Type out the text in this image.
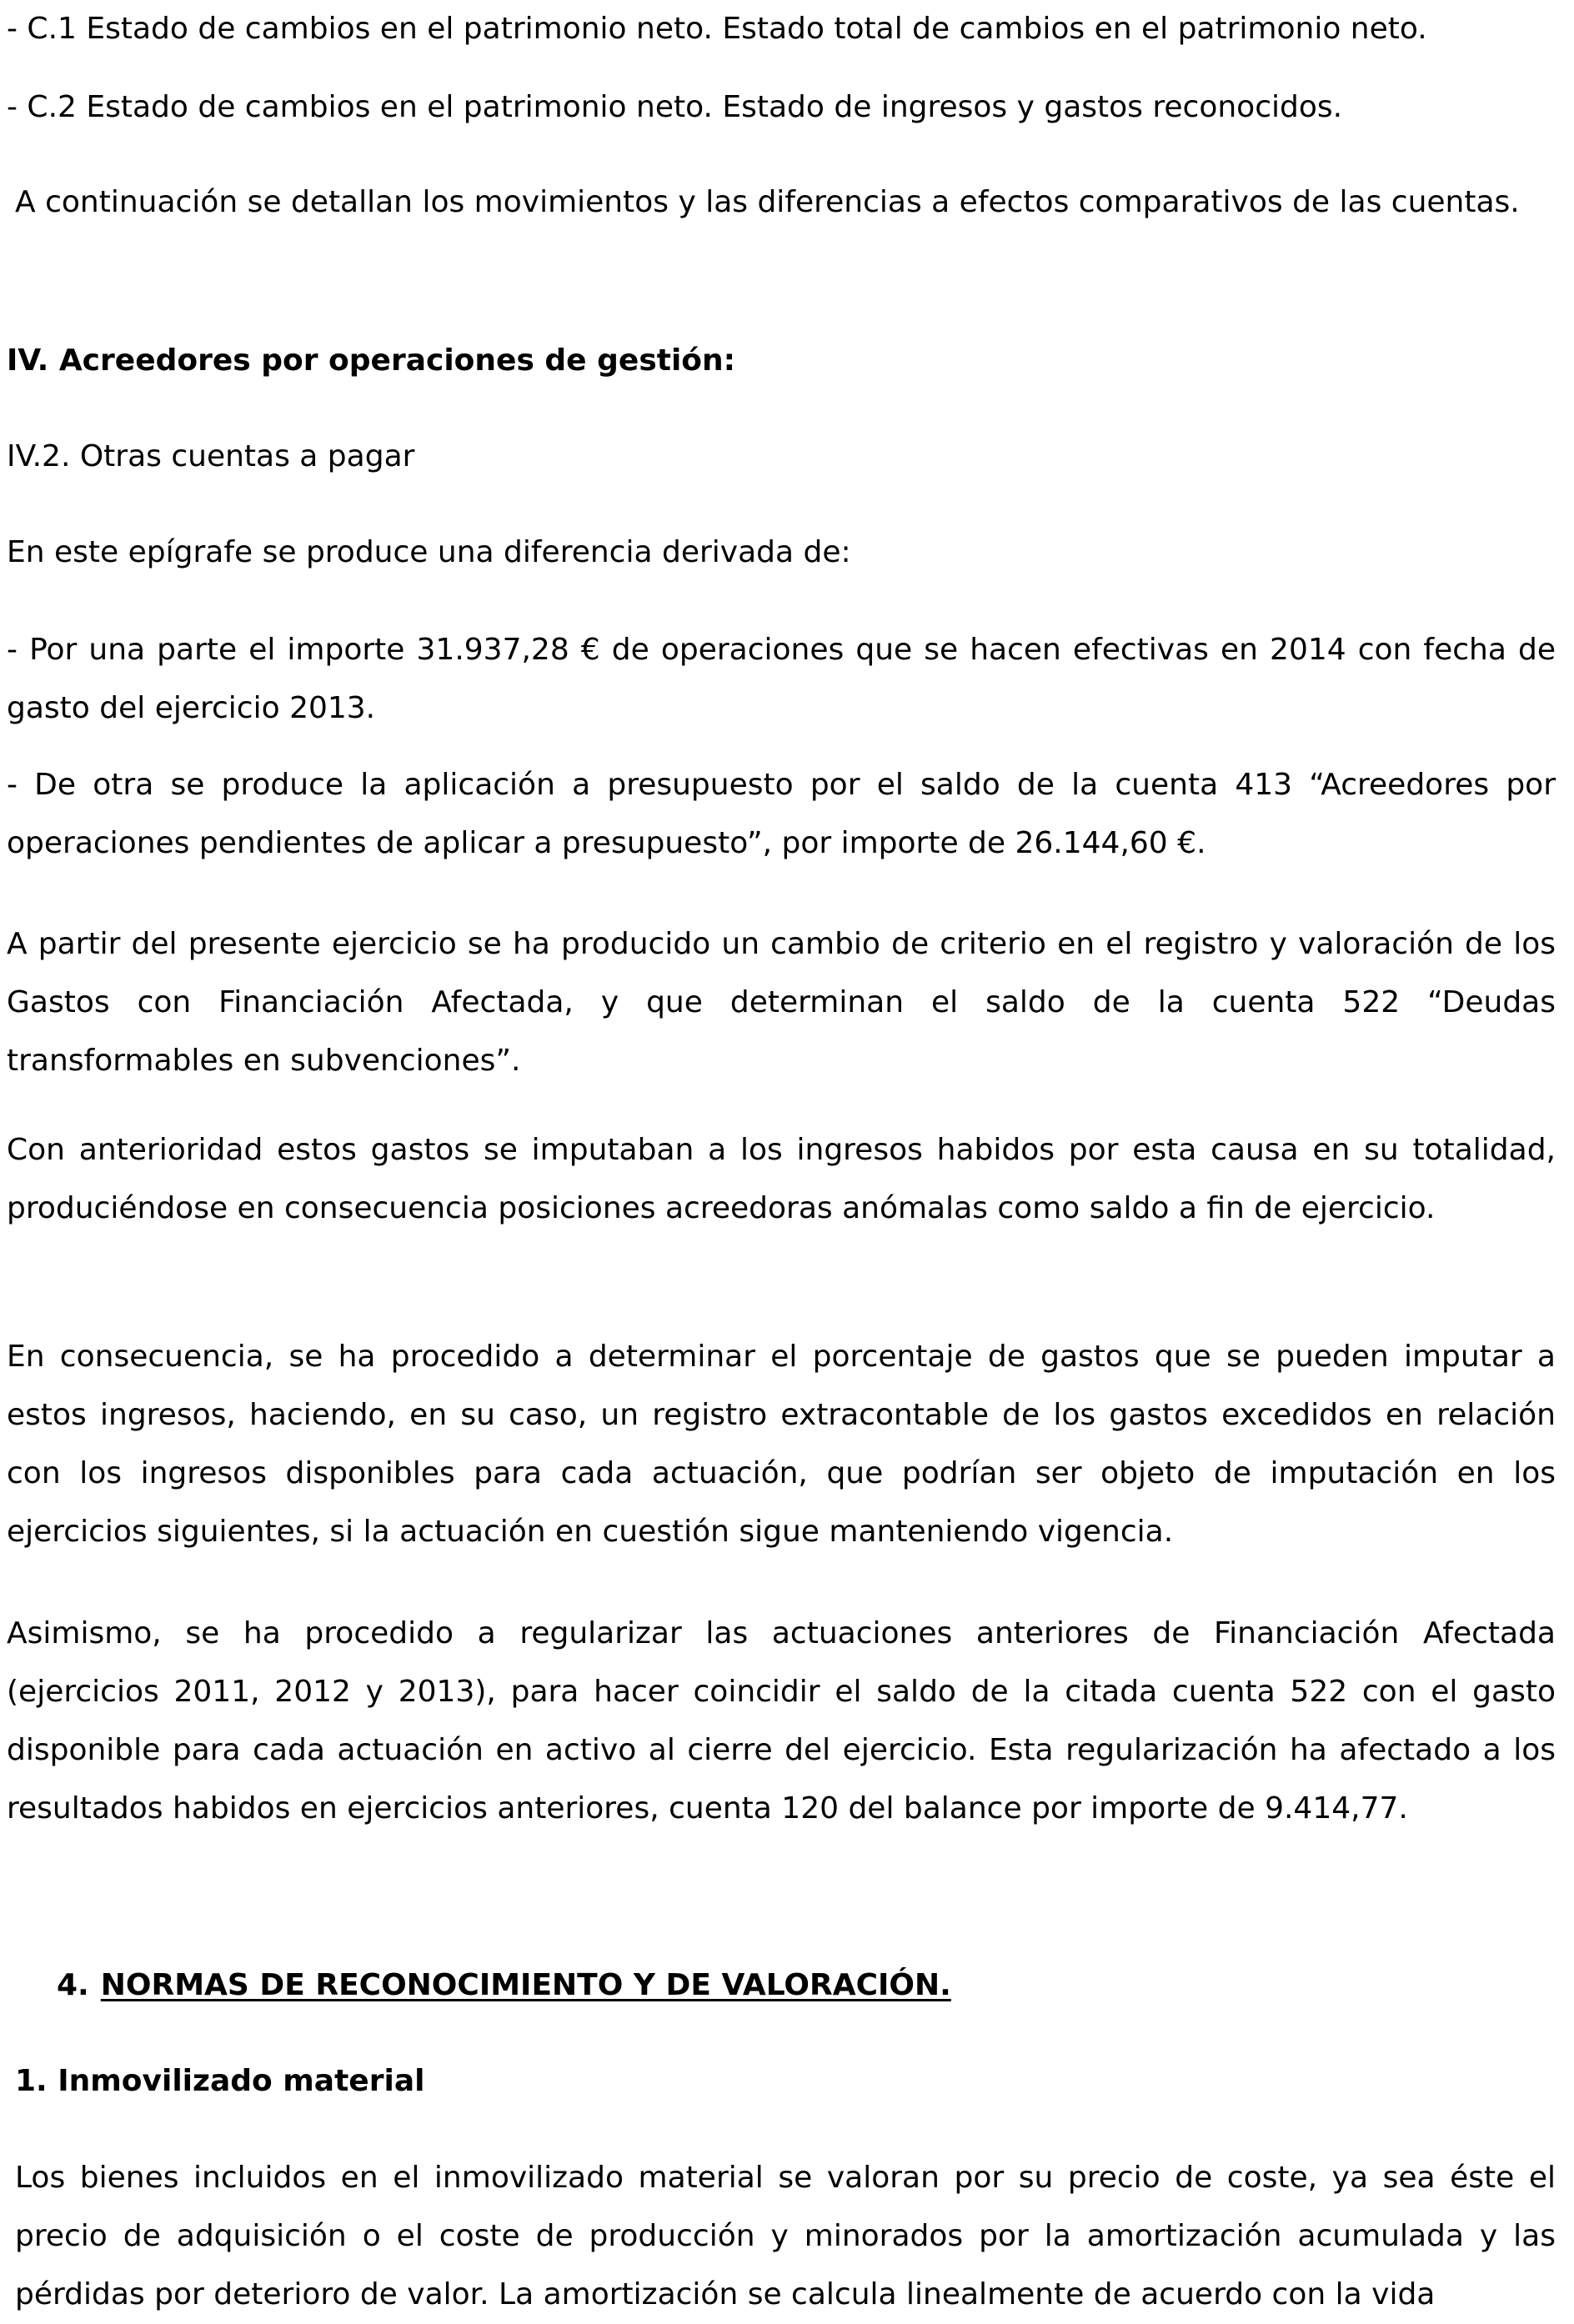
- C.1 Estado de cambios en el patrimonio neto. Estado total de cambios en el patrimonio neto.

- C.2 Estado de cambios en el patrimonio neto. Estado de ingresos y gastos reconocidos.

A continuación se detallan los movimientos y las diferencias a efectos comparativos de las cuentas.

IV. Acreedores por operaciones de gestión:

IV.2. Otras cuentas a pagar

En este epígrafe se produce una diferencia derivada de:

- Por una parte el importe 31.937,28 € de operaciones que se hacen efectivas en 2014 con fecha de gasto del ejercicio 2013.

- De otra se produce la aplicación a presupuesto por el saldo de la cuenta 413 “Acreedores por operaciones pendientes de aplicar a presupuesto”, por importe de 26.144,60 €.

A partir del presente ejercicio se ha producido un cambio de criterio en el registro y valoración de los Gastos con Financiación Afectada, y que determinan el saldo de la cuenta 522 “Deudas transformables en subvenciones”.

Con anterioridad estos gastos se imputaban a los ingresos habidos por esta causa en su totalidad, produciéndose en consecuencia posiciones acreedoras anómalas como saldo a fin de ejercicio.

En consecuencia, se ha procedido a determinar el porcentaje de gastos que se pueden imputar a estos ingresos, haciendo, en su caso, un registro extracontable de los gastos excedidos en relación con los ingresos disponibles para cada actuación, que podrían ser objeto de imputación en los ejercicios siguientes, si la actuación en cuestión sigue manteniendo vigencia.

Asimismo, se ha procedido a regularizar las actuaciones anteriores de Financiación Afectada (ejercicios 2011, 2012 y 2013), para hacer coincidir el saldo de la citada cuenta 522 con el gasto disponible para cada actuación en activo al cierre del ejercicio. Esta regularización ha afectado a los resultados habidos en ejercicios anteriores, cuenta 120 del balance por importe de 9.414,77.

4. NORMAS DE RECONOCIMIENTO Y DE VALORACIÓN.

1. Inmovilizado material

Los bienes incluidos en el inmovilizado material se valoran por su precio de coste, ya sea éste el precio de adquisición o el coste de producción y minorados por la amortización acumulada y las pérdidas por deterioro de valor. La amortización se calcula linealmente de acuerdo con la vida
